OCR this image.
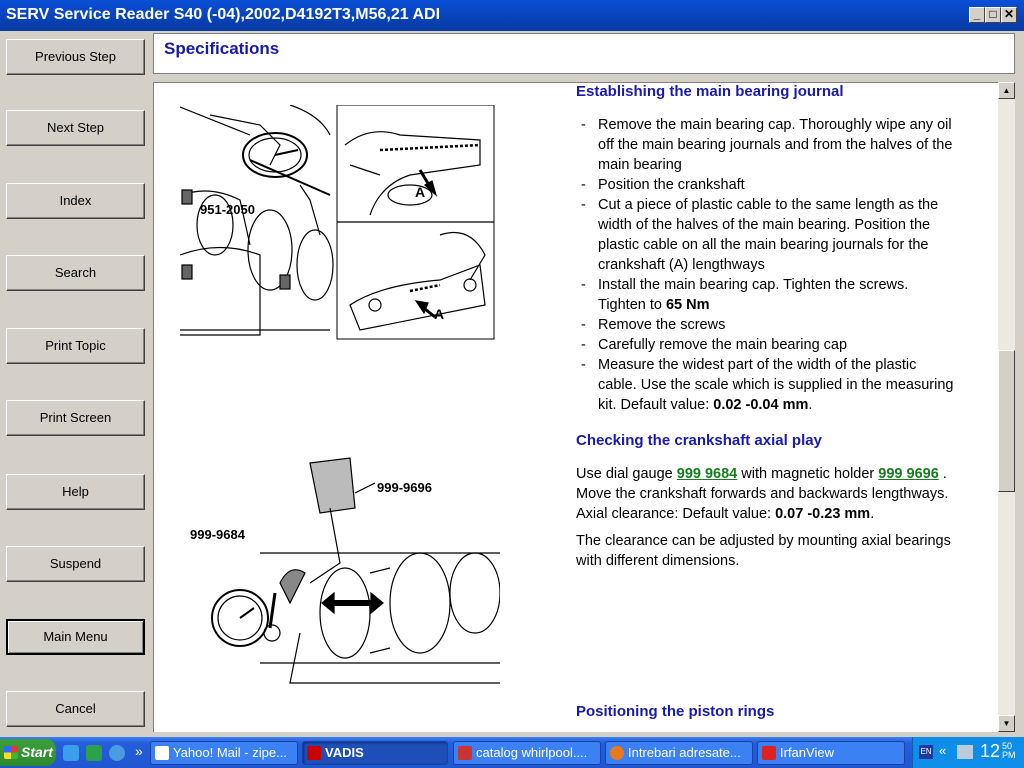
SERV Service Reader S40 (-04),2002,D4192T3,M56,21 ADI	_ □ ✕
Previous Step
Next Step
Index
Search
Print Topic
Print Screen
Help
Suspend
Main Menu
Cancel
Specifications
951-2050
A
A
999-9696
999-9684
Establishing the main bearing journal
- Remove the main bearing cap. Thoroughly wipe any oil
off the main bearing journals and from the halves of the
main bearing
- Position the crankshaft
- Cut a piece of plastic cable to the same length as the
width of the halves of the main bearing. Position the
plastic cable on all the main bearing journals for the
crankshaft (A) lengthways
- Install the main bearing cap. Tighten the screws.
Tighten to 65 Nm
- Remove the screws
- Carefully remove the main bearing cap
- Measure the widest part of the width of the plastic
cable. Use the scale which is supplied in the measuring
kit. Default value: 0.02 -0.04 mm.
Checking the crankshaft axial play
Use dial gauge 999 9684 with magnetic holder 999 9696 .
Move the crankshaft forwards and backwards lengthways.
Axial clearance: Default value: 0.07 -0.23 mm.
The clearance can be adjusted by mounting axial bearings
with different dimensions.
Positioning the piston rings
▲
▼
Start	»	Yahoo! Mail - zipe...	VADIS	catalog whirlpool....	Intrebari adresate...	IrfanView	EN « 12 50
PM
